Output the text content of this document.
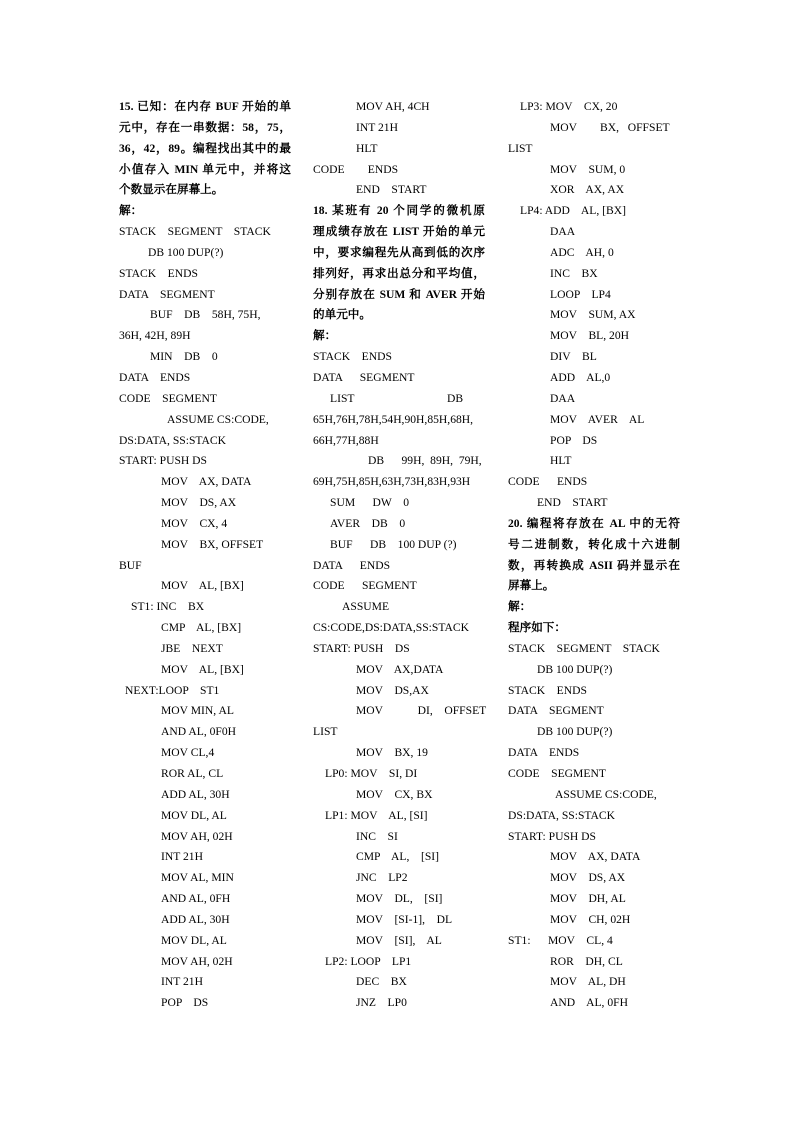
15. 已知：在内存 BUF 开始的单
元中，存在一串数据：58，75，
36，42，89。编程找出其中的最
小值存入 MIN 单元中，并将这
个数显示在屏幕上。
解：
STACK    SEGMENT    STACK
DB 100 DUP(?)
STACK    ENDS
DATA    SEGMENT
BUF    DB    58H, 75H,
36H, 42H, 89H
MIN    DB    0
DATA    ENDS
CODE    SEGMENT
ASSUME CS:CODE,
DS:DATA, SS:STACK
START: PUSH DS
MOV    AX, DATA
MOV    DS, AX
MOV    CX, 4
MOV    BX, OFFSET
BUF
MOV    AL, [BX]
ST1: INC    BX
CMP    AL, [BX]
JBE    NEXT
MOV    AL, [BX]
NEXT:LOOP    ST1
MOV MIN, AL
AND AL, 0F0H
MOV CL,4
ROR AL, CL
ADD AL, 30H
MOV DL, AL
MOV AH, 02H
INT 21H
MOV AL, MIN
AND AL, 0FH
ADD AL, 30H
MOV DL, AL
MOV AH, 02H
INT 21H
POP    DS
MOV AH, 4CH
INT 21H
HLT
CODE        ENDS
END    START
18. 某班有 20 个同学的微机原
理成绩存放在 LIST 开始的单元
中，要求编程先从高到低的次序
排列好，再求出总分和平均值，
分别存放在 SUM 和 AVER 开始
的单元中。
解：
STACK    ENDS
DATA      SEGMENT
LIST                                DB
65H,76H,78H,54H,90H,85H,68H,
66H,77H,88H
DB      99H,  89H,  79H,
69H,75H,85H,63H,73H,83H,93H
SUM      DW    0
AVER    DB    0
BUF      DB    100 DUP (?)
DATA      ENDS
CODE      SEGMENT
ASSUME
CS:CODE,DS:DATA,SS:STACK
START: PUSH    DS
MOV    AX,DATA
MOV    DS,AX
MOV            DI,    OFFSET
LIST
MOV    BX, 19
LP0: MOV    SI, DI
MOV    CX, BX
LP1: MOV    AL, [SI]
INC    SI
CMP    AL,    [SI]
JNC    LP2
MOV    DL,    [SI]
MOV    [SI-1],    DL
MOV    [SI],    AL
LP2: LOOP    LP1
DEC    BX
JNZ    LP0
LP3: MOV    CX, 20
MOV        BX,   OFFSET
LIST
MOV    SUM, 0
XOR    AX, AX
LP4: ADD    AL, [BX]
DAA
ADC    AH, 0
INC    BX
LOOP    LP4
MOV    SUM, AX
MOV    BL, 20H
DIV    BL
ADD    AL,0
DAA
MOV    AVER    AL
POP    DS
HLT
CODE      ENDS
END    START
20. 编程将存放在 AL 中的无符
号二进制数，转化成十六进制
数，再转换成 ASII 码并显示在
屏幕上。
解：
程序如下：
STACK    SEGMENT    STACK
DB 100 DUP(?)
STACK    ENDS
DATA    SEGMENT
DB 100 DUP(?)
DATA    ENDS
CODE    SEGMENT
ASSUME CS:CODE,
DS:DATA, SS:STACK
START: PUSH DS
MOV    AX, DATA
MOV    DS, AX
MOV    DH, AL
MOV    CH, 02H
ST1:      MOV    CL, 4
ROR    DH, CL
MOV    AL, DH
AND    AL, 0FH
